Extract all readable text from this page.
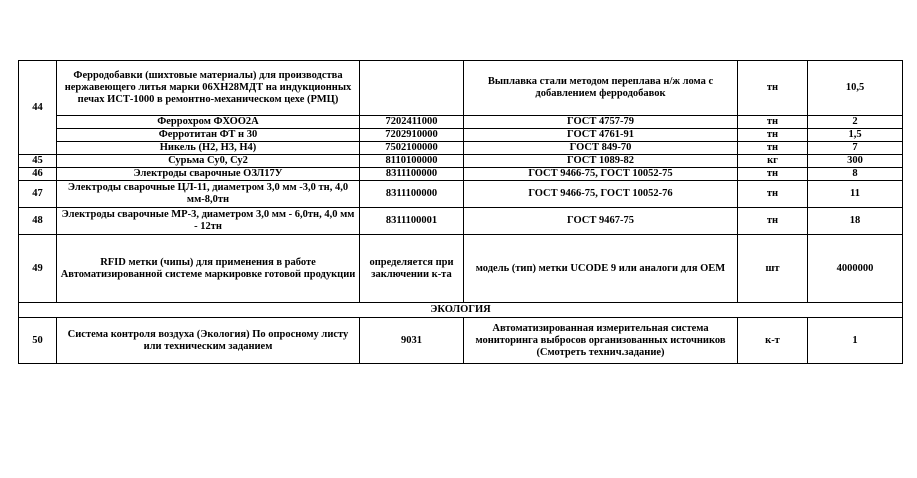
44	Ферродобавки (шихтовые материалы) для производства нержавеющего литья марки 06ХН28МДТ на индукционных печах ИСТ-1000 в ремонтно-механическом цехе (РМЦ)		Выплавка стали методом переплава н/ж лома с добавлением ферродобавок	тн	10,5
	Феррохром ФХОО2А	7202411000	ГОСТ 4757-79	тн	2
	Ферротитан ФТ н 30	7202910000	ГОСТ 4761-91	тн	1,5
	Никель (Н2, Н3, Н4)	7502100000	ГОСТ 849-70	тн	7
45	Сурьма Су0, Су2	8110100000	ГОСТ 1089-82	кг	300
46	Электроды сварочные ОЗЛ17У	8311100000	ГОСТ 9466-75, ГОСТ 10052-75	тн	8
47	Электроды сварочные ЦЛ-11, диаметром 3,0 мм -3,0 тн, 4,0 мм-8,0тн	8311100000	ГОСТ 9466-75, ГОСТ 10052-76	тн	11
48	Электроды сварочные МР-3, диаметром 3,0 мм - 6,0тн, 4,0 мм - 12тн	8311100001	ГОСТ 9467-75	тн	18
49	RFID метки (чипы) для применения в работе Автоматизированной системе маркировке готовой продукции	определяется при заключении к-та	модель (тип) метки UCODE 9 или аналоги для OEM	шт	4000000
ЭКОЛОГИЯ					
50	Система контроля воздуха (Экология) По опросному листу или техническим заданием	9031	Автоматизированная измерительная система мониторинга выбросов организованных источников (Смотреть технич.задание)	к-т	1
